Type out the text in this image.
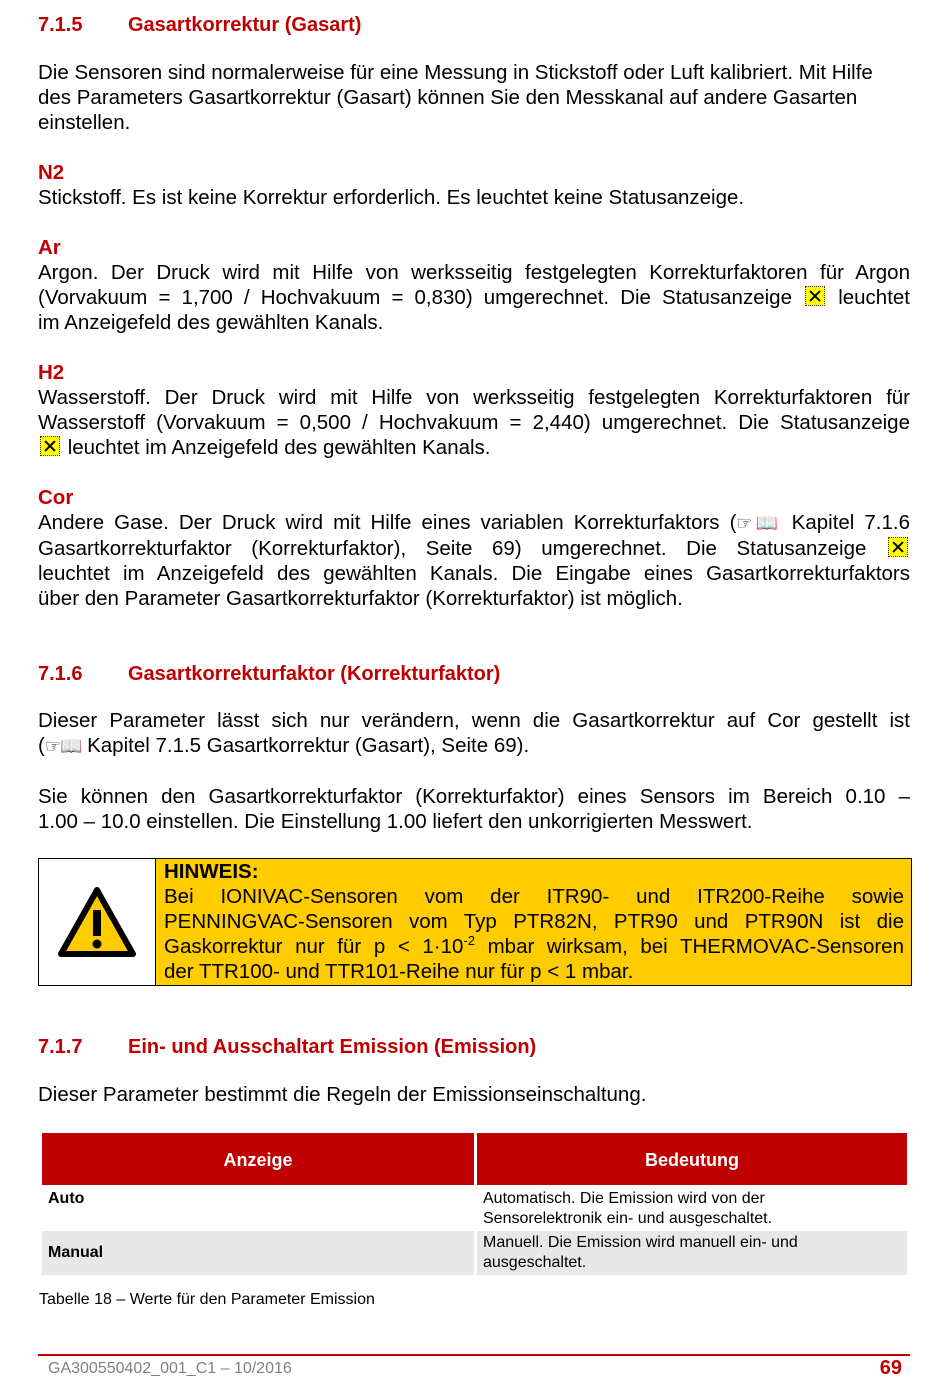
7.1.5 Gasartkorrektur (Gasart)
Die Sensoren sind normalerweise für eine Messung in Stickstoff oder Luft kalibriert. Mit Hilfe
des Parameters Gasartkorrektur (Gasart) können Sie den Messkanal auf andere Gasarten
einstellen.
N2
Stickstoff. Es ist keine Korrektur erforderlich. Es leuchtet keine Statusanzeige.
Ar
Argon. Der Druck wird mit Hilfe von werksseitig festgelegten Korrekturfaktoren für Argon
(Vorvakuum = 1,700 / Hochvakuum = 0,830) umgerechnet. Die Statusanzeige leuchtet
im Anzeigefeld des gewählten Kanals.
H2
Wasserstoff. Der Druck wird mit Hilfe von werksseitig festgelegten Korrekturfaktoren für
Wasserstoff (Vorvakuum = 0,500 / Hochvakuum = 2,440) umgerechnet. Die Statusanzeige
leuchtet im Anzeigefeld des gewählten Kanals.
Cor
Andere Gase. Der Druck wird mit Hilfe eines variablen Korrekturfaktors (☞📖 Kapitel 7.1.6
Gasartkorrekturfaktor (Korrekturfaktor), Seite 69) umgerechnet. Die Statusanzeige
leuchtet im Anzeigefeld des gewählten Kanals. Die Eingabe eines Gasartkorrekturfaktors
über den Parameter Gasartkorrekturfaktor (Korrekturfaktor) ist möglich.
7.1.6 Gasartkorrekturfaktor (Korrekturfaktor)
Dieser Parameter lässt sich nur verändern, wenn die Gasartkorrektur auf Cor gestellt ist
(☞📖 Kapitel 7.1.5 Gasartkorrektur (Gasart), Seite 69).
Sie können den Gasartkorrekturfaktor (Korrekturfaktor) eines Sensors im Bereich 0.10 –
1.00 – 10.0 einstellen. Die Einstellung 1.00 liefert den unkorrigierten Messwert.
HINWEIS:
Bei IONIVAC-Sensoren vom der ITR90- und ITR200-Reihe sowie
PENNINGVAC-Sensoren vom Typ PTR82N, PTR90 und PTR90N ist die
Gaskorrektur nur für $p < 1\cdot 10^{-2}$ mbar wirksam, bei THERMOVAC-Sensoren
der TTR100- und TTR101-Reihe nur für p < 1 mbar.
7.1.7 Ein- und Ausschaltart Emission (Emission)
Dieser Parameter bestimmt die Regeln der Emissionseinschaltung.
Anzeige	Bedeutung
Auto	Automatisch. Die Emission wird von der
Sensorelektronik ein- und ausgeschaltet.

Manual	Manuell. Die Emission wird manuell ein- und
ausgeschaltet.
Tabelle 18 – Werte für den Parameter Emission
GA300550402_001_C1 – 10/2016	69
